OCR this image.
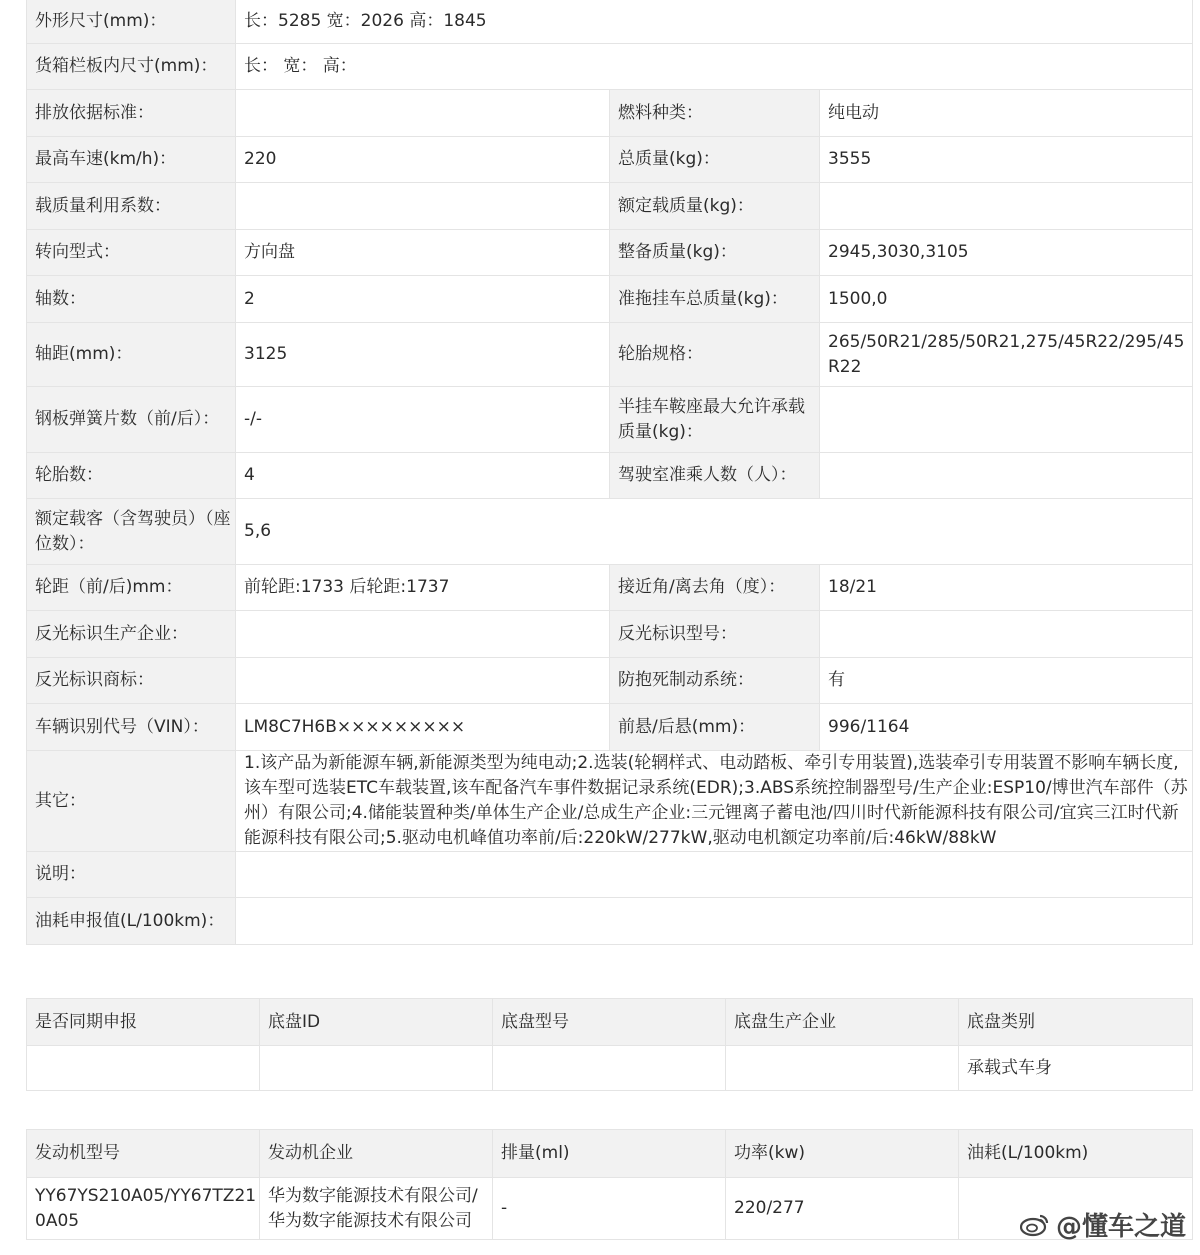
外形尺寸(mm)：	长：5285 宽：2026 高：1845		
货箱栏板内尺寸(mm)：	长： 宽： 高：		
排放依据标准：		燃料种类：	纯电动
最高车速(km/h)：	220	总质量(kg)：	3555
载质量利用系数：		额定载质量(kg)：	
转向型式：	方向盘	整备质量(kg)：	2945,3030,3105
轴数：	2	准拖挂车总质量(kg)：	1500,0
轴距(mm)：	3125	轮胎规格：	265/50R21/285/50R21,275/45R22/295/45R22
钢板弹簧片数（前/后）：	-/-	半挂车鞍座最大允许承载质量(kg)：	
轮胎数：	4	驾驶室准乘人数（人）：	
额定载客（含驾驶员）（座位数）：	5,6		
轮距（前/后)mm：	前轮距:1733 后轮距:1737	接近角/离去角（度）：	18/21
反光标识生产企业：		反光标识型号：	
反光标识商标：		防抱死制动系统：	有
车辆识别代号（VIN）：	LM8C7H6B×××××××××	前悬/后悬(mm)：	996/1164
其它：	1.该产品为新能源车辆,新能源类型为纯电动;2.选装(轮辋样式、电动踏板、牵引专用装置),选装牵引专用装置不影响车辆长度,该车型可选装ETC车载装置,该车配备汽车事件数据记录系统(EDR);3.ABS系统控制器型号/生产企业:ESP10/博世汽车部件（苏州）有限公司;4.储能装置种类/单体生产企业/总成生产企业:三元锂离子蓄电池/四川时代新能源科技有限公司/宜宾三江时代新能源科技有限公司;5.驱动电机峰值功率前/后:220kW/277kW,驱动电机额定功率前/后:46kW/88kW		
说明：			
油耗申报值(L/100km)：			
是否同期申报	底盘ID	底盘型号	底盘生产企业	底盘类别
				承载式车身
发动机型号	发动机企业	排量(ml)	功率(kw)	油耗(L/100km)
YY67YS210A05/YY67TZ210A05	华为数字能源技术有限公司/华为数字能源技术有限公司	-	220/277	
@懂车之道
